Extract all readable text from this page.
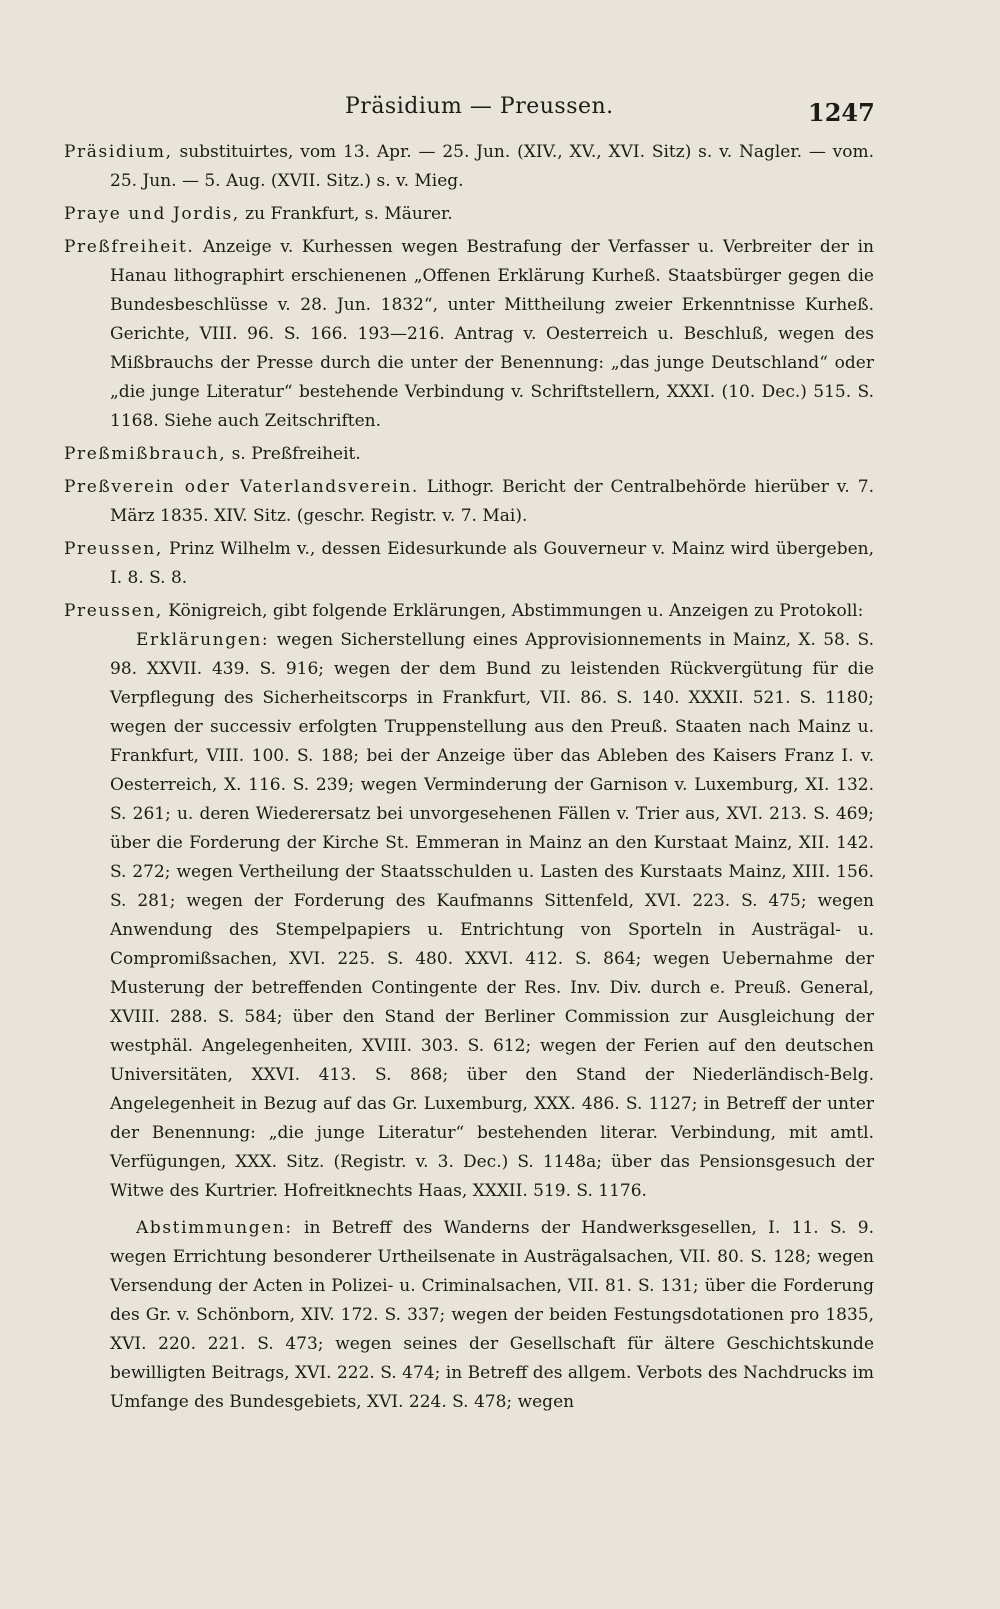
Präsidium — Preussen.	1247
Präsidium, substituirtes, vom 13. Apr. — 25. Jun. (XIV., XV., XVI. Sitz) s. v. Nagler. — vom. 25. Jun. — 5. Aug. (XVII. Sitz.) s. v. Mieg.
Praye und Jordis, zu Frankfurt, s. Mäurer.
Preßfreiheit. Anzeige v. Kurhessen wegen Bestrafung der Verfasser u. Verbreiter der in Hanau lithographirt erschienenen „Offenen Erklärung Kurheß. Staatsbürger gegen die Bundesbeschlüsse v. 28. Jun. 1832“, unter Mittheilung zweier Erkenntnisse Kurheß. Gerichte, VIII. 96. S. 166. 193—216. Antrag v. Oesterreich u. Beschluß, wegen des Mißbrauchs der Presse durch die unter der Benennung: „das junge Deutschland“ oder „die junge Literatur“ bestehende Verbindung v. Schriftstellern, XXXI. (10. Dec.) 515. S. 1168. Siehe auch Zeitschriften.
Preßmißbrauch, s. Preßfreiheit.
Preßverein oder Vaterlandsverein. Lithogr. Bericht der Centralbehörde hierüber v. 7. März 1835. XIV. Sitz. (geschr. Registr. v. 7. Mai).
Preussen, Prinz Wilhelm v., dessen Eidesurkunde als Gouverneur v. Mainz wird übergeben, I. 8. S. 8.
Preussen, Königreich, gibt folgende Erklärungen, Abstimmungen u. Anzeigen zu Protokoll:

Erklärungen: wegen Sicherstellung eines Approvisionnements in Mainz, X. 58. S. 98. XXVII. 439. S. 916; wegen der dem Bund zu leistenden Rückvergütung für die Verpflegung des Sicherheitscorps in Frankfurt, VII. 86. S. 140. XXXII. 521. S. 1180; wegen der successiv erfolgten Truppenstellung aus den Preuß. Staaten nach Mainz u. Frankfurt, VIII. 100. S. 188; bei der Anzeige über das Ableben des Kaisers Franz I. v. Oesterreich, X. 116. S. 239; wegen Verminderung der Garnison v. Luxemburg, XI. 132. S. 261; u. deren Wiederersatz bei unvorgesehenen Fällen v. Trier aus, XVI. 213. S. 469; über die Forderung der Kirche St. Emmeran in Mainz an den Kurstaat Mainz, XII. 142. S. 272; wegen Vertheilung der Staatsschulden u. Lasten des Kurstaats Mainz, XIII. 156. S. 281; wegen der Forderung des Kaufmanns Sittenfeld, XVI. 223. S. 475; wegen Anwendung des Stempelpapiers u. Entrichtung von Sporteln in Austrägal- u. Compromißsachen, XVI. 225. S. 480. XXVI. 412. S. 864; wegen Uebernahme der Musterung der betreffenden Contingente der Res. Inv. Div. durch e. Preuß. General, XVIII. 288. S. 584; über den Stand der Berliner Commission zur Ausgleichung der westphäl. Angelegenheiten, XVIII. 303. S. 612; wegen der Ferien auf den deutschen Universitäten, XXVI. 413. S. 868; über den Stand der Niederländisch-Belg. Angelegenheit in Bezug auf das Gr. Luxemburg, XXX. 486. S. 1127; in Betreff der unter der Benennung: „die junge Literatur“ bestehenden literar. Verbindung, mit amtl. Verfügungen, XXX. Sitz. (Registr. v. 3. Dec.) S. 1148a; über das Pensionsgesuch der Witwe des Kurtrier. Hofreitknechts Haas, XXXII. 519. S. 1176.

Abstimmungen: in Betreff des Wanderns der Handwerksgesellen, I. 11. S. 9. wegen Errichtung besonderer Urtheilsenate in Austrägalsachen, VII. 80. S. 128; wegen Versendung der Acten in Polizei- u. Criminalsachen, VII. 81. S. 131; über die Forderung des Gr. v. Schönborn, XIV. 172. S. 337; wegen der beiden Festungsdotationen pro 1835, XVI. 220. 221. S. 473; wegen seines der Gesellschaft für ältere Geschichtskunde bewilligten Beitrags, XVI. 222. S. 474; in Betreff des allgem. Verbots des Nachdrucks im Umfange des Bundesgebiets, XVI. 224. S. 478; wegen
